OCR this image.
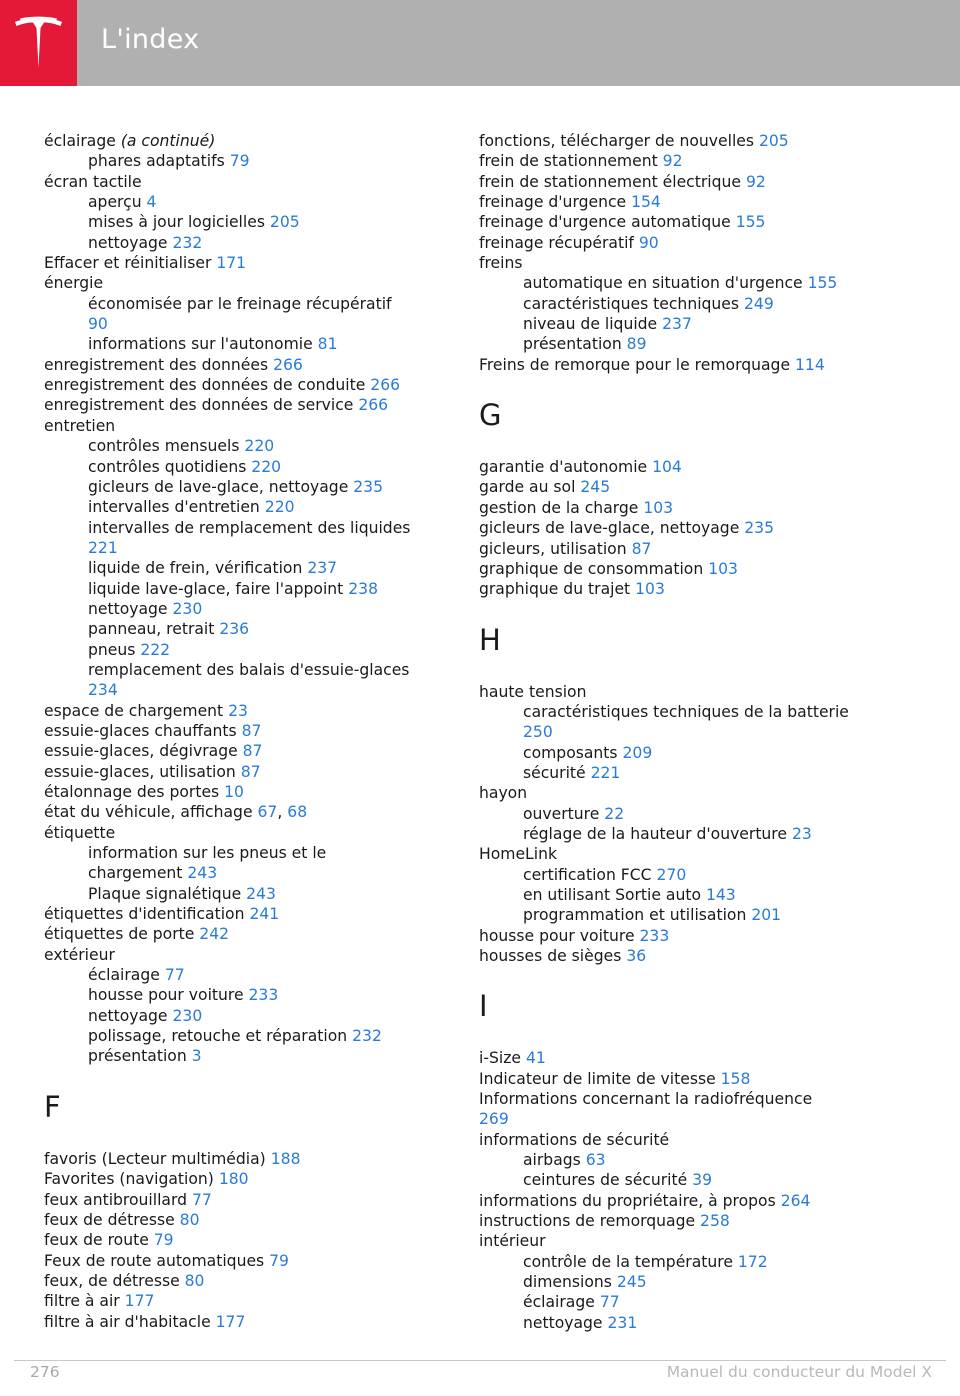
L'index
éclairage (a continué)
phares adaptatifs 79
écran tactile
aperçu 4
mises à jour logicielles 205
nettoyage 232
Effacer et réinitialiser 171
énergie
économisée par le freinage récupératif
90
informations sur l'autonomie 81
enregistrement des données 266
enregistrement des données de conduite 266
enregistrement des données de service 266
entretien
contrôles mensuels 220
contrôles quotidiens 220
gicleurs de lave-glace, nettoyage 235
intervalles d'entretien 220
intervalles de remplacement des liquides
221
liquide de frein, vérification 237
liquide lave-glace, faire l'appoint 238
nettoyage 230
panneau, retrait 236
pneus 222
remplacement des balais d'essuie-glaces
234
espace de chargement 23
essuie-glaces chauffants 87
essuie-glaces, dégivrage 87
essuie-glaces, utilisation 87
étalonnage des portes 10
état du véhicule, affichage 67, 68
étiquette
information sur les pneus et le
chargement 243
Plaque signalétique 243
étiquettes d'identification 241
étiquettes de porte 242
extérieur
éclairage 77
housse pour voiture 233
nettoyage 230
polissage, retouche et réparation 232
présentation 3
F
favoris (Lecteur multimédia) 188
Favorites (navigation) 180
feux antibrouillard 77
feux de détresse 80
feux de route 79
Feux de route automatiques 79
feux, de détresse 80
filtre à air 177
filtre à air d'habitacle 177
fonctions, télécharger de nouvelles 205
frein de stationnement 92
frein de stationnement électrique 92
freinage d'urgence 154
freinage d'urgence automatique 155
freinage récupératif 90
freins
automatique en situation d'urgence 155
caractéristiques techniques 249
niveau de liquide 237
présentation 89
Freins de remorque pour le remorquage 114
G
garantie d'autonomie 104
garde au sol 245
gestion de la charge 103
gicleurs de lave-glace, nettoyage 235
gicleurs, utilisation 87
graphique de consommation 103
graphique du trajet 103
H
haute tension
caractéristiques techniques de la batterie
250
composants 209
sécurité 221
hayon
ouverture 22
réglage de la hauteur d'ouverture 23
HomeLink
certification FCC 270
en utilisant Sortie auto 143
programmation et utilisation 201
housse pour voiture 233
housses de sièges 36
I
i-Size 41
Indicateur de limite de vitesse 158
Informations concernant la radiofréquence
269
informations de sécurité
airbags 63
ceintures de sécurité 39
informations du propriétaire, à propos 264
instructions de remorquage 258
intérieur
contrôle de la température 172
dimensions 245
éclairage 77
nettoyage 231
276	Manuel du conducteur du Model X
